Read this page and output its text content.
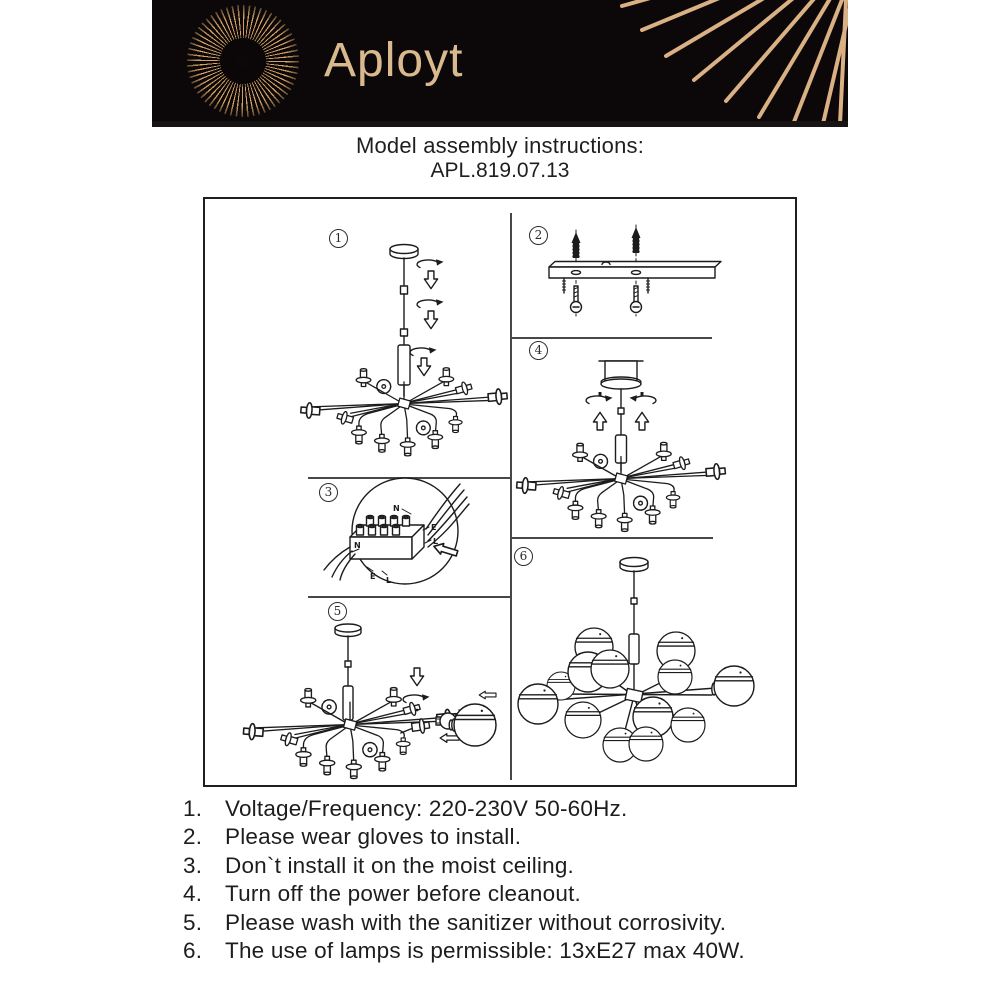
Aployt
Model assembly instructions:
APL.819.07.13
N
E
L
N
E L
1	2
3
4
5
6
1.	Voltage/Frequency: 220-230V 50-60Hz.
2.	Please wear gloves to install.
3.	Don`t install it on the moist ceiling.
4.	Turn off the power before cleanout.
5.	Please wash with the sanitizer without corrosivity.
6.	The use of lamps is permissible: 13xE27 max 40W.
